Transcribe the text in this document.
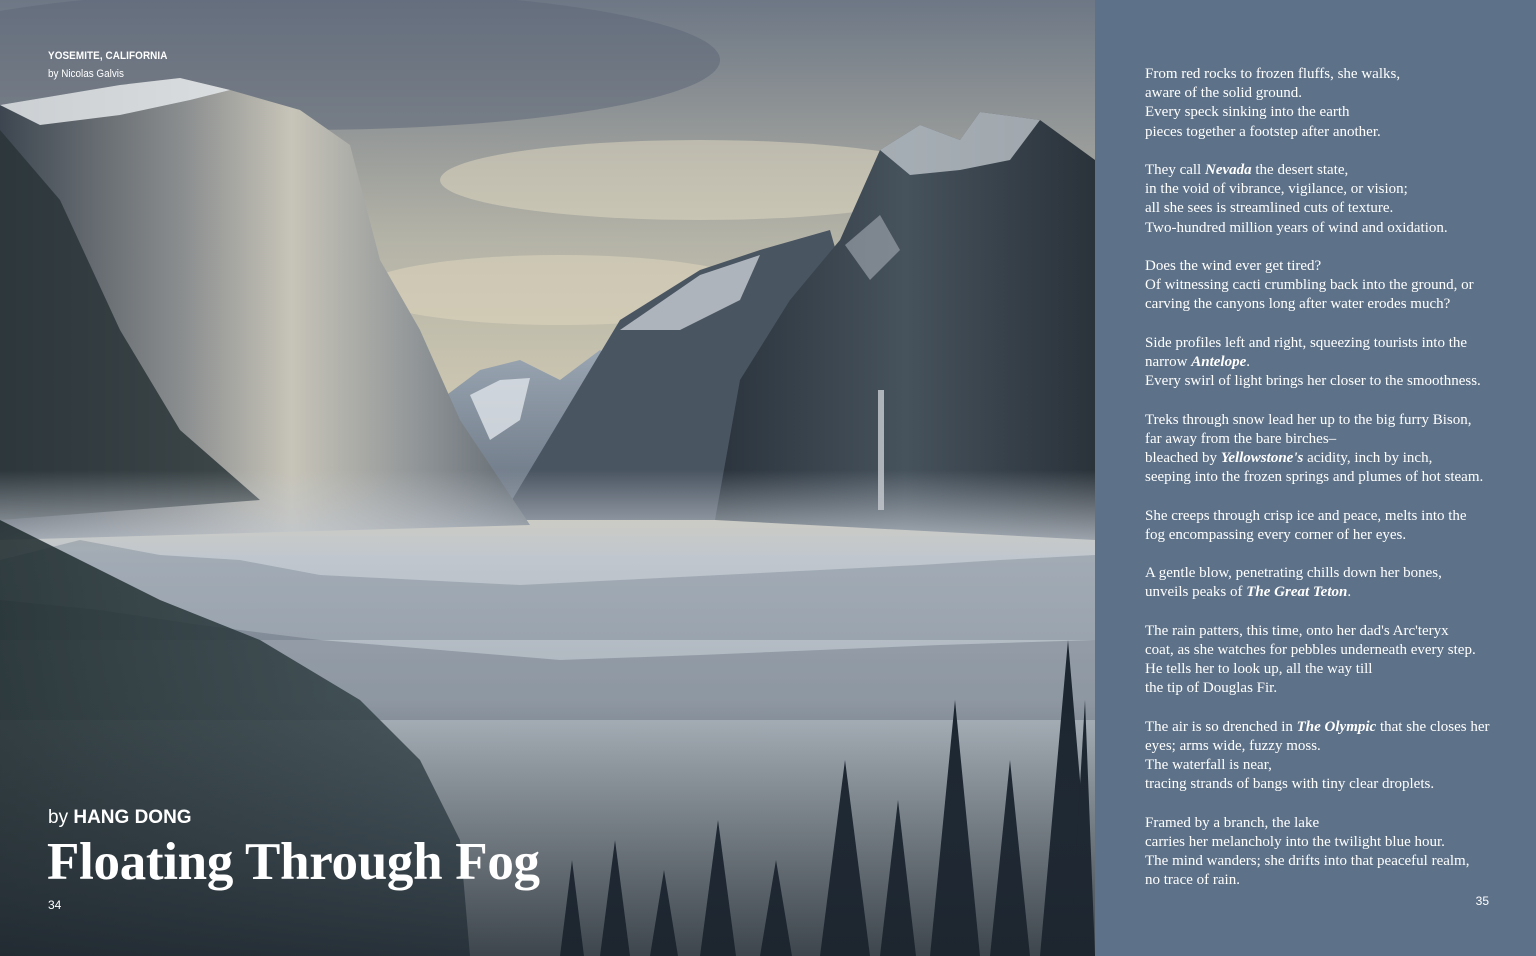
YOSEMITE, CALIFORNIA
by Nicolas Galvis
by HANG DONG
Floating Through Fog
34
From red rocks to frozen fluffs, she walks,
aware of the solid ground.
Every speck sinking into the earth
pieces together a footstep after another.
They call Nevada the desert state,
in the void of vibrance, vigilance, or vision;
all she sees is streamlined cuts of texture.
Two-hundred million years of wind and oxidation.
Does the wind ever get tired?
Of witnessing cacti crumbling back into the ground, or
carving the canyons long after water erodes much?
Side profiles left and right, squeezing tourists into the
narrow Antelope.
Every swirl of light brings her closer to the smoothness.
Treks through snow lead her up to the big furry Bison,
far away from the bare birches–
bleached by Yellowstone's acidity, inch by inch,
seeping into the frozen springs and plumes of hot steam.
She creeps through crisp ice and peace, melts into the
fog encompassing every corner of her eyes.
A gentle blow, penetrating chills down her bones,
unveils peaks of The Great Teton.
The rain patters, this time, onto her dad's Arc'teryx
coat, as she watches for pebbles underneath every step.
He tells her to look up, all the way till
the tip of Douglas Fir.
The air is so drenched in The Olympic that she closes her
eyes; arms wide, fuzzy moss.
The waterfall is near,
tracing strands of bangs with tiny clear droplets.
Framed by a branch, the lake
carries her melancholy into the twilight blue hour.
The mind wanders; she drifts into that peaceful realm,
no trace of rain.
35
